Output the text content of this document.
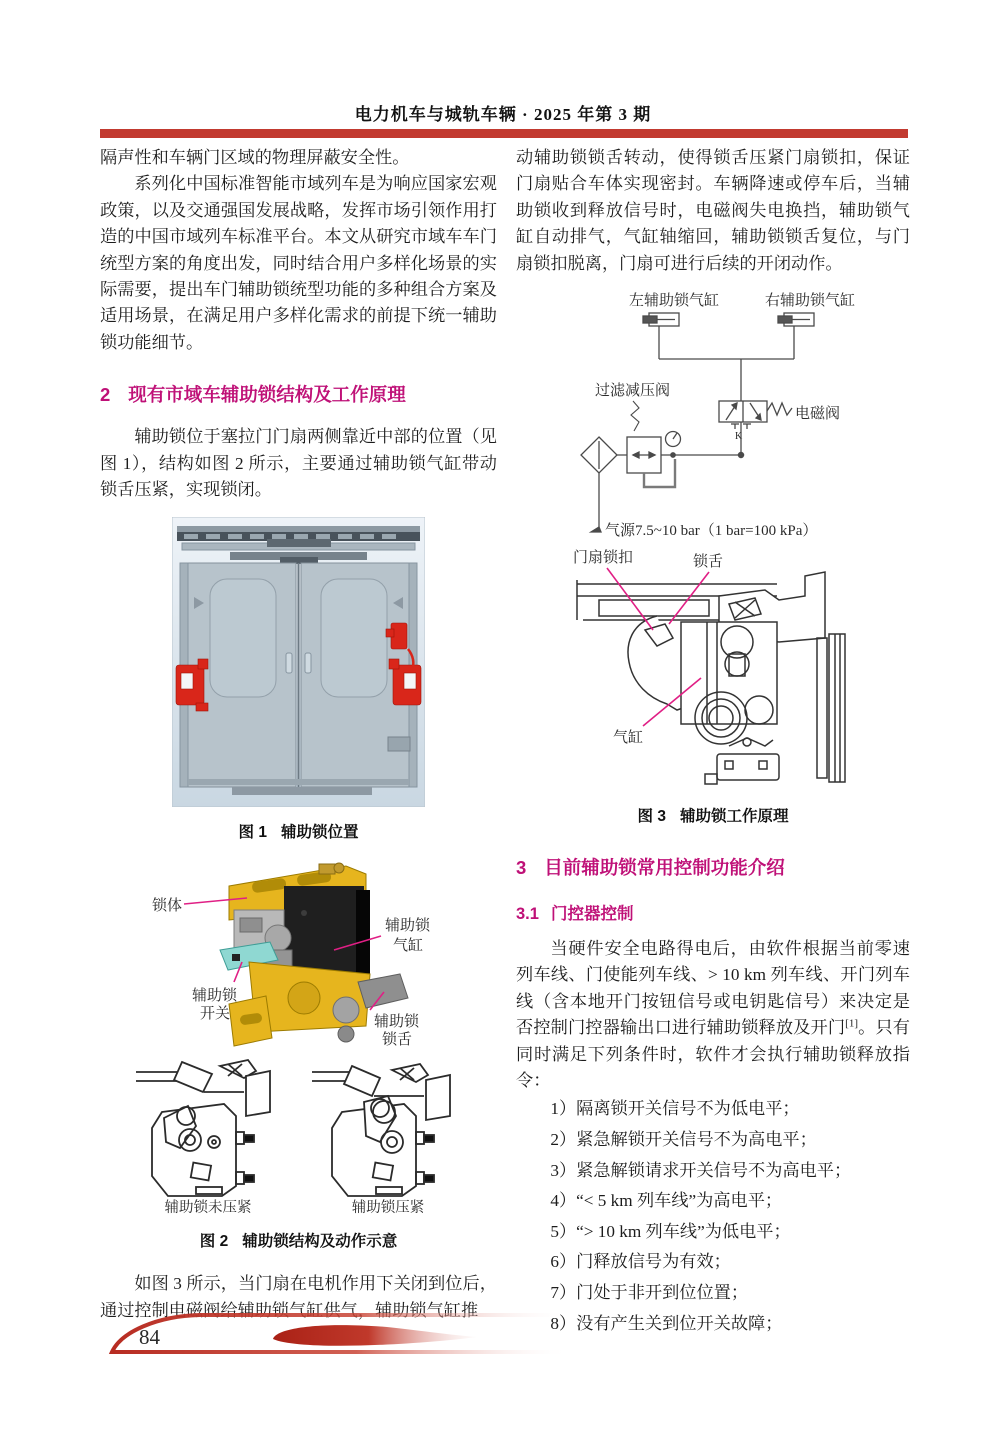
电力机车与城轨车辆 · 2025 年第 3 期

隔声性和车辆门区域的物理屏蔽安全性。

系列化中国标准智能市域列车是为响应国家宏观政策，以及交通强国发展战略，发挥市场引领作用打造的中国市域列车标准平台。本文从研究市域车车门统型方案的角度出发，同时结合用户多样化场景的实际需要，提出车门辅助锁统型功能的多种组合方案及适用场景，在满足用户多样化需求的前提下统一辅助锁功能细节。

2 现有市域车辅助锁结构及工作原理

辅助锁位于塞拉门门扇两侧靠近中部的位置（见图 1），结构如图 2 所示，主要通过辅助锁气缸带动锁舌压紧，实现锁闭。

图 1 辅助锁位置
锁体
辅助锁
气缸
辅助锁
开关	辅助锁
锁舌
辅助锁未压紧
	辅助锁压紧
图 2 辅助锁结构及动作示意

如图 3 所示，当门扇在电机作用下关闭到位后，通过控制电磁阀给辅助锁气缸供气，辅助锁气缸推

动辅助锁锁舌转动，使得锁舌压紧门扇锁扣，保证门扇贴合车体实现密封。车辆降速或停车后，当辅助锁收到释放信号时，电磁阀失电换挡，辅助锁气缸自动排气，气缸轴缩回，辅助锁锁舌复位，与门扇锁扣脱离，门扇可进行后续的开闭动作。

左辅助锁气缸	右辅助锁气缸
电磁阀
过滤减压阀
气源7.5~10 bar（1 bar=100 kPa）
K

门扇锁扣	锁舌
气缸
图 3 辅助锁工作原理
3 目前辅助锁常用控制功能介绍
3.1 门控器控制

当硬件安全电路得电后，由软件根据当前零速列车线、门使能列车线、> 10 km 列车线、开门列车线（含本地开门按钮信号或电钥匙信号）来决定是否控制门控器输出口进行辅助锁释放及开门[1]。只有同时满足下列条件时，软件才会执行辅助锁释放指令：

1）隔离锁开关信号不为低电平；
2）紧急解锁开关信号不为高电平；
3）紧急解锁请求开关信号不为高电平；
4）“< 5 km 列车线”为高电平；
5）“> 10 km 列车线”为低电平；
6）门释放信号为有效；
7）门处于非开到位位置；
8）没有产生关到位开关故障；
84
